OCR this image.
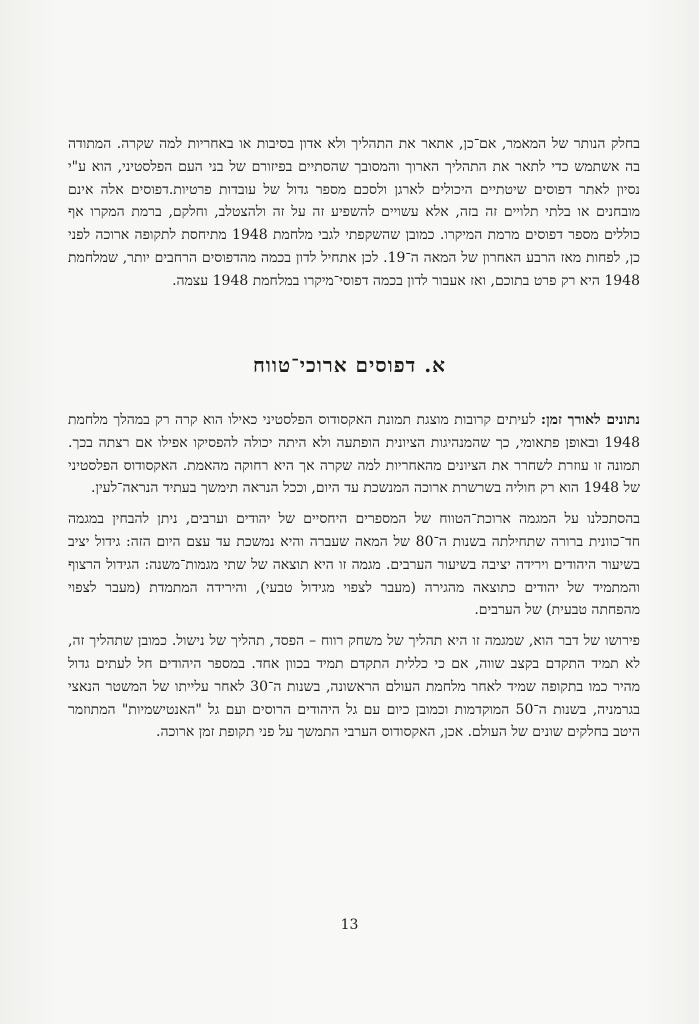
בחלק הנותר של המאמר, אם־כן, אתאר את התהליך ולא אדון בסיבות או באחריות למה שקרה. המתודה בה אשתמש כדי לתאר את התהליך הארוך והמסובך שהסתיים בפיזורם של בני העם הפלסטיני, הוא ע"י נסיון לאתר דפוסים שיטתיים היכולים לארגן ולסכם מספר גדול של עובדות פרטיות.דפוסים אלה אינם מובחנים או בלתי תלויים זה בזה, אלא עשויים להשפיע זה על זה ולהצטלב, וחלקם, ברמת המקרו אף כוללים מספר דפוסים מרמת המיקרו. כמובן שהשקפתי לגבי מלחמת 1948 מתיחסת לתקופה ארוכה לפני כן, לפחות מאז הרבע האחרון של המאה ה־19. לכן אתחיל לדון בכמה מהדפוסים הרחבים יותר, שמלחמת 1948 היא רק פרט בתוכם, ואז אעבור לדון בכמה דפוסי־מיקרו במלחמת 1948 עצמה.

א. דפוסים ארוכי־טווח

נתונים לאורך זמן: לעיתים קרובות מוצגת תמונת האקסודוס הפלסטיני כאילו הוא קרה רק במהלך מלחמת 1948 ובאופן פתאומי, כך שהמנהיגות הציונית הופתעה ולא היתה יכולה להפסיקו אפילו אם רצתה בכך. תמונה זו עוזרת לשחרר את הציונים מהאחריות למה שקרה אך היא רחוקה מהאמת. האקסודוס הפלסטיני של 1948 הוא רק חוליה בשרשרת ארוכה המנשכת עד היום, וככל הנראה תימשך בעתיד הנראה־לעין.

בהסתכלנו על המגמה ארוכת־הטווח של המספרים היחסיים של יהודים וערבים, ניתן להבחין במגמה חד־כוונית ברורה שתחילתה בשנות ה־80 של המאה שעברה והיא נמשכת עד עצם היום הזה: גידול יציב בשיעור היהודים וירידה יציבה בשיעור הערבים. מגמה זו היא תוצאה של שתי מגמות־משנה: הגידול הרצוף והמתמיד של יהודים כתוצאה מהגירה (מעבר לצפוי מגידול טבעי), והירידה המתמדת (מעבר לצפוי מהפחתה טבעית) של הערבים.

פירושו של דבר הוא, שמגמה זו היא תהליך של משחק רווח – הפסד, תהליך של נישול. כמובן שתהליך זה, לא תמיד התקדם בקצב שווה, אם כי כללית התקדם תמיד בכוון אחד. במספר היהודים חל לעתים גדול מהיר כמו בתקופה שמיד לאחר מלחמת העולם הראשונה, בשנות ה־30 לאחר עלייתו של המשטר הנאצי בגרמניה, בשנות ה־50 המוקדמות וכמובן כיום עם גל היהודים הרוסים ועם גל "האנטישמיות" המתוזמר היטב בחלקים שונים של העולם. אכן, האקסודוס הערבי התמשך על פני תקופת זמן ארוכה.

13
